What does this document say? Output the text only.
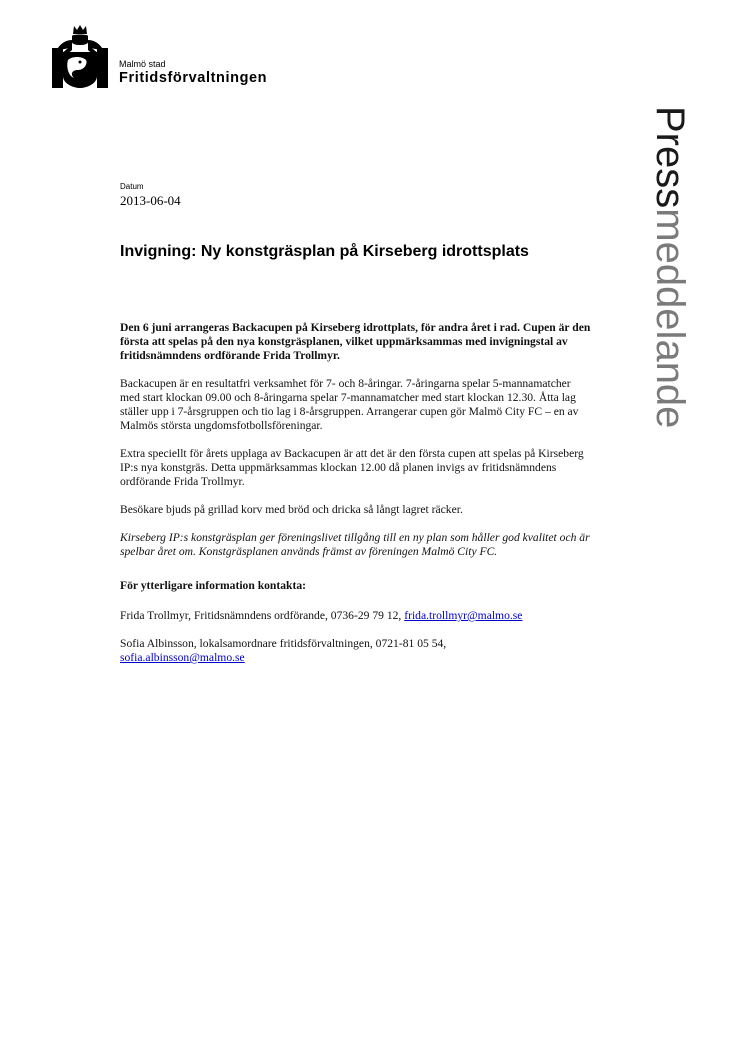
Malmö stad
Fritidsförvaltningen
Pressmeddelande
Datum
2013-06-04
Invigning: Ny konstgräsplan på Kirseberg idrottsplats

Den 6 juni arrangeras Backacupen på Kirseberg idrottplats, för andra året i rad. Cupen är den första att spelas på den nya konstgräsplanen, vilket uppmärksammas med invigningstal av fritidsnämndens ordförande Frida Trollmyr.

Backacupen är en resultatfri verksamhet för 7- och 8-åringar. 7-åringarna spelar 5-mannamatcher med start klockan 09.00 och 8-åringarna spelar 7-mannamatcher med start klockan 12.30. Åtta lag ställer upp i 7-årsgruppen och tio lag i 8-årsgruppen. Arrangerar cupen gör Malmö City FC – en av Malmös största ungdomsfotbollsföreningar.

Extra speciellt för årets upplaga av Backacupen är att det är den första cupen att spelas på Kirseberg IP:s nya konstgräs. Detta uppmärksammas klockan 12.00 då planen invigs av fritidsnämndens ordförande Frida Trollmyr.

Besökare bjuds på grillad korv med bröd och dricka så långt lagret räcker.

Kirseberg IP:s konstgräsplan ger föreningslivet tillgång till en ny plan som håller god kvalitet och är spelbar året om. Konstgräsplanen används främst av föreningen Malmö City FC.

För ytterligare information kontakta:

Frida Trollmyr, Fritidsnämndens ordförande, 0736-29 79 12, frida.trollmyr@malmo.se

Sofia Albinsson, lokalsamordnare fritidsförvaltningen, 0721-81 05 54,
sofia.albinsson@malmo.se
